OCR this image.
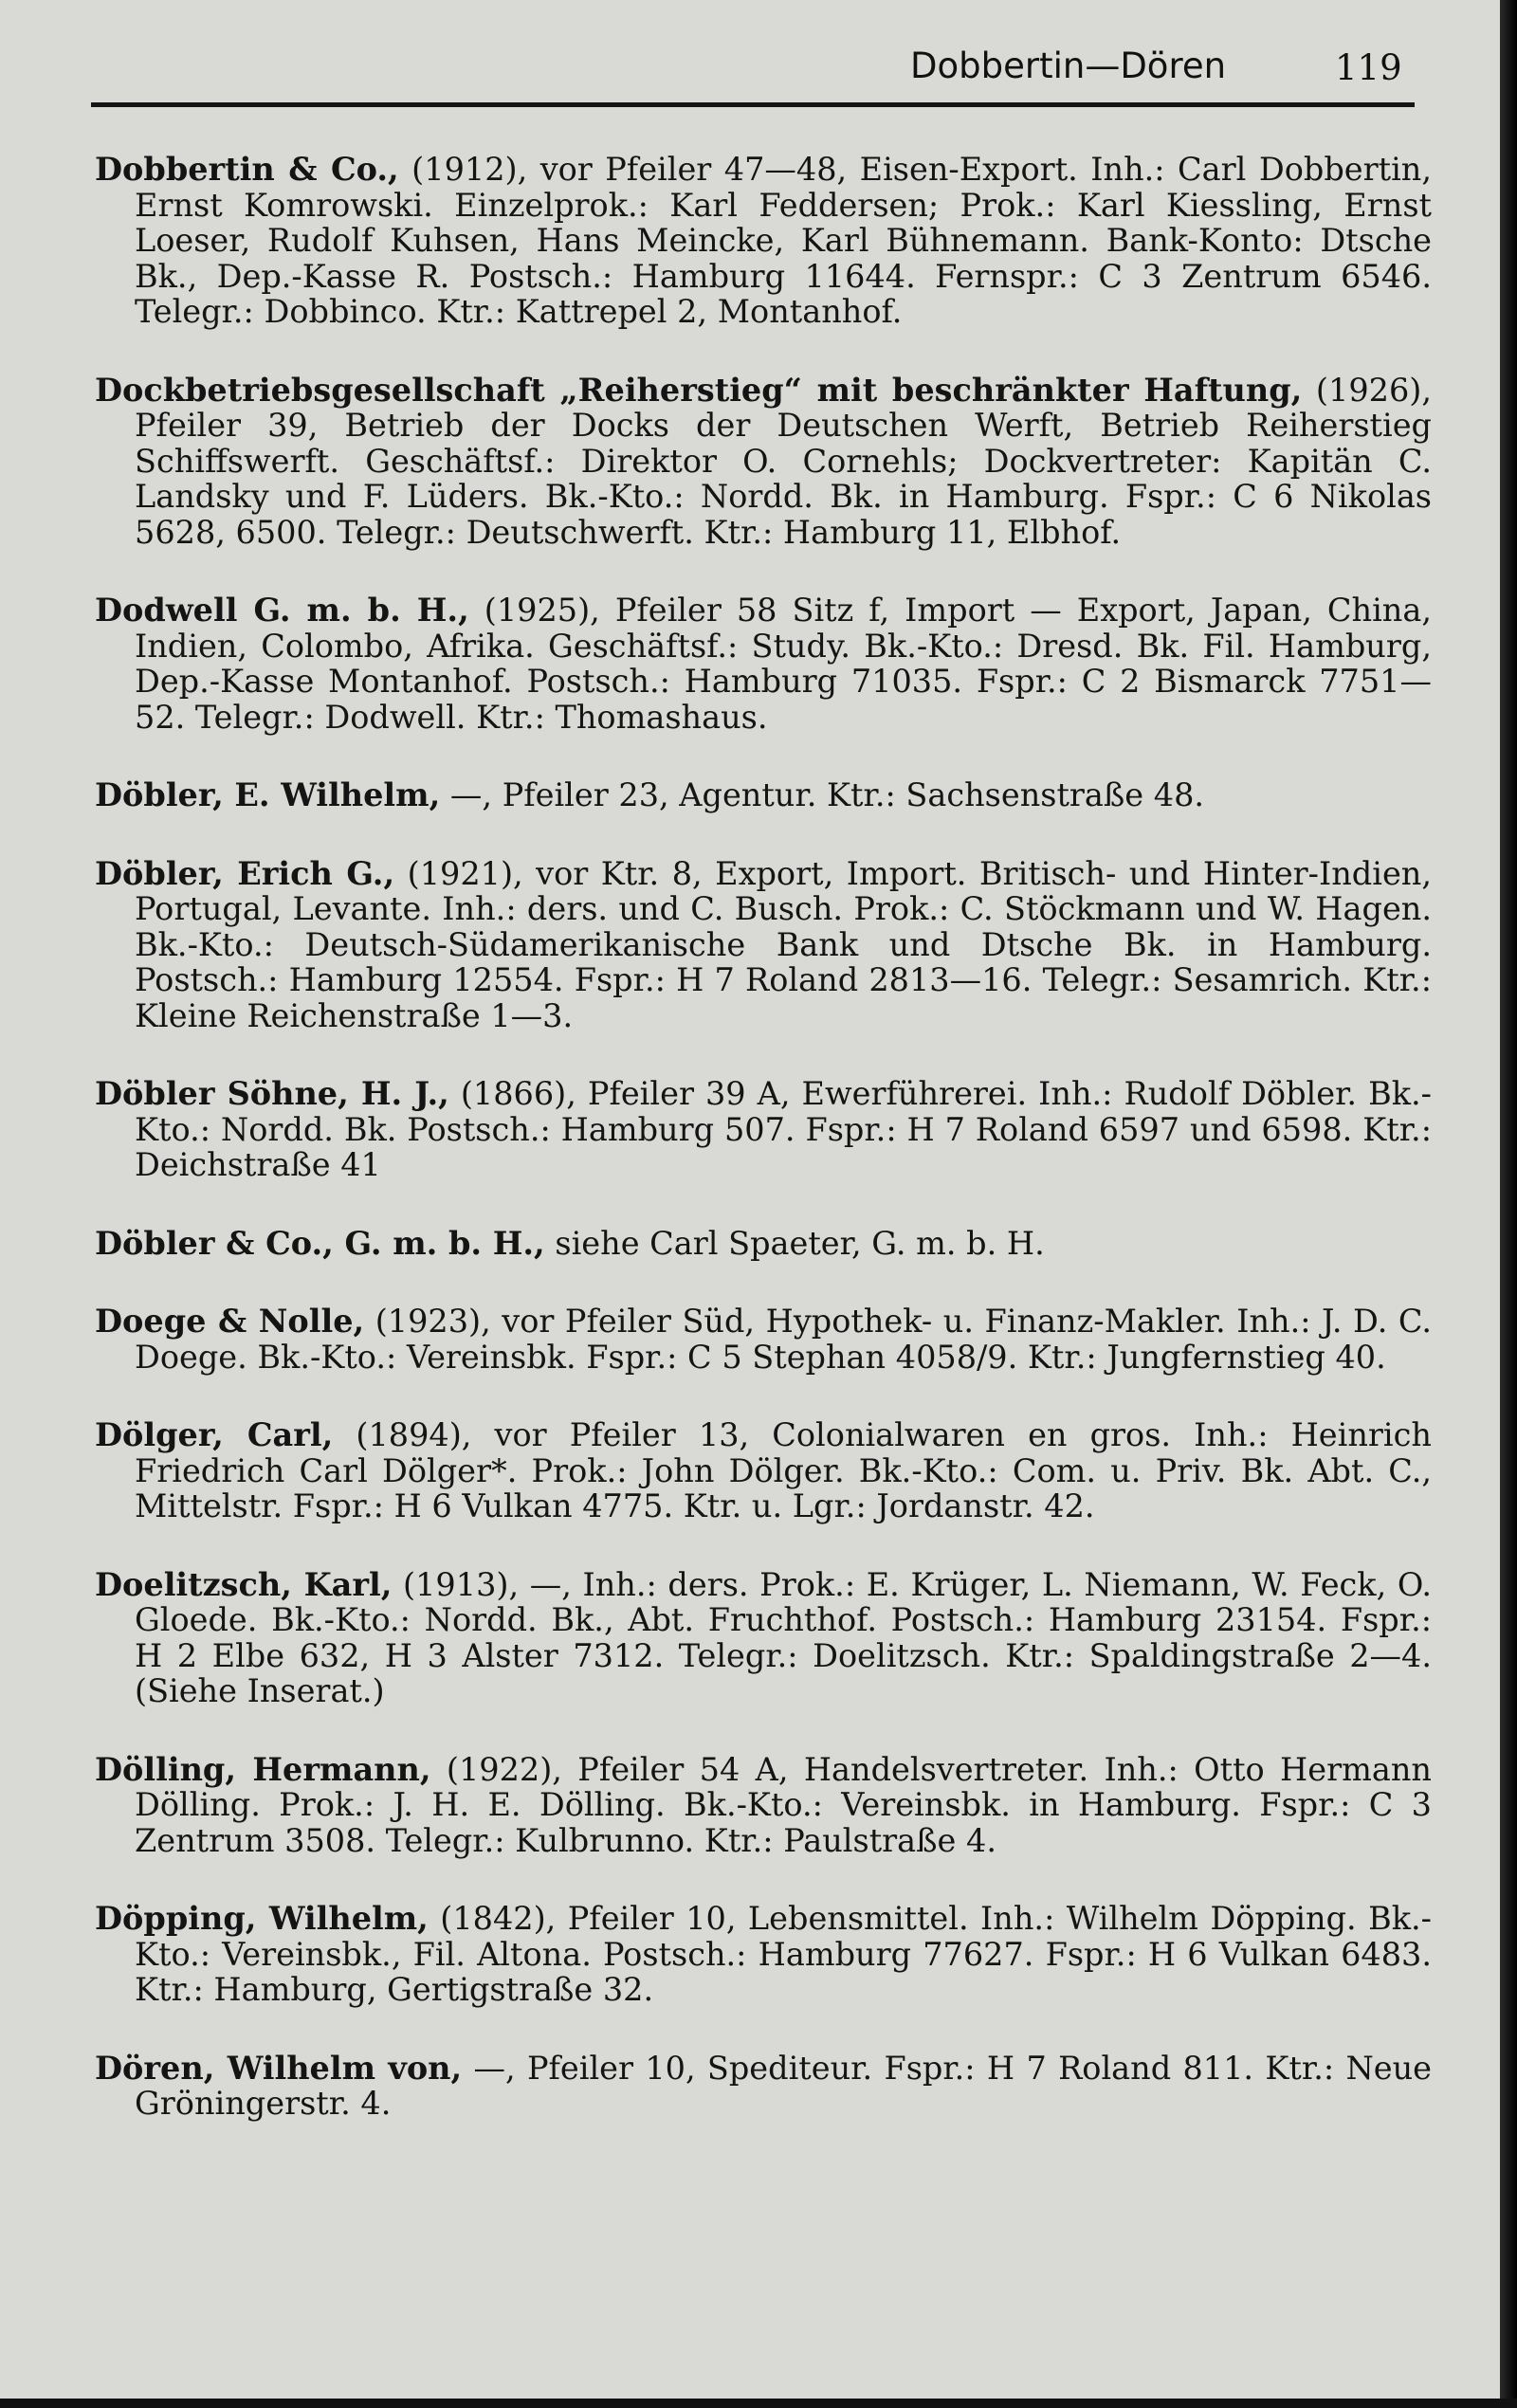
Dobbertin—Dören	119

Dobbertin & Co., (1912), vor Pfeiler 47—48, Eisen-Export. Inh.: Carl Dobbertin, Ernst Komrowski. Einzelprok.: Karl Feddersen; Prok.: Karl Kiessling, Ernst Loeser, Rudolf Kuhsen, Hans Meincke, Karl Bühnemann. Bank-Konto: Dtsche Bk., Dep.-Kasse R. Postsch.: Hamburg 11644. Fernspr.: C 3 Zentrum 6546. Telegr.: Dobbinco. Ktr.: Kattrepel 2, Montanhof.

Dockbetriebsgesellschaft „Reiherstieg“ mit beschränkter Haftung, (1926), Pfeiler 39, Betrieb der Docks der Deutschen Werft, Betrieb Reiherstieg Schiffswerft. Geschäftsf.: Direktor O. Cornehls; Dockvertreter: Kapitän C. Landsky und F. Lüders. Bk.-Kto.: Nordd. Bk. in Hamburg. Fspr.: C 6 Nikolas 5628, 6500. Telegr.: Deutschwerft. Ktr.: Hamburg 11, Elbhof.

Dodwell G. m. b. H., (1925), Pfeiler 58 Sitz f, Import — Export, Japan, China, Indien, Colombo, Afrika. Geschäftsf.: Study. Bk.-Kto.: Dresd. Bk. Fil. Hamburg, Dep.-Kasse Montanhof. Postsch.: Hamburg 71035. Fspr.: C 2 Bismarck 7751—52. Telegr.: Dodwell. Ktr.: Thomashaus.

Döbler, E. Wilhelm, —, Pfeiler 23, Agentur. Ktr.: Sachsenstraße 48.

Döbler, Erich G., (1921), vor Ktr. 8, Export, Import. Britisch- und Hinter-Indien, Portugal, Levante. Inh.: ders. und C. Busch. Prok.: C. Stöckmann und W. Hagen. Bk.-Kto.: Deutsch-Südamerikanische Bank und Dtsche Bk. in Hamburg. Postsch.: Hamburg 12554. Fspr.: H 7 Roland 2813—16. Telegr.: Sesamrich. Ktr.: Kleine Reichenstraße 1—3.

Döbler Söhne, H. J., (1866), Pfeiler 39 A, Ewerführerei. Inh.: Rudolf Döbler. Bk.-Kto.: Nordd. Bk. Postsch.: Hamburg 507. Fspr.: H 7 Roland 6597 und 6598. Ktr.: Deichstraße 41

Döbler & Co., G. m. b. H., siehe Carl Spaeter, G. m. b. H.

Doege & Nolle, (1923), vor Pfeiler Süd, Hypothek- u. Finanz-Makler. Inh.: J. D. C. Doege. Bk.-Kto.: Vereinsbk. Fspr.: C 5 Stephan 4058/9. Ktr.: Jungfernstieg 40.

Dölger, Carl, (1894), vor Pfeiler 13, Colonialwaren en gros. Inh.: Heinrich Friedrich Carl Dölger*. Prok.: John Dölger. Bk.-Kto.: Com. u. Priv. Bk. Abt. C., Mittelstr. Fspr.: H 6 Vulkan 4775. Ktr. u. Lgr.: Jordanstr. 42.

Doelitzsch, Karl, (1913), —, Inh.: ders. Prok.: E. Krüger, L. Niemann, W. Feck, O. Gloede. Bk.-Kto.: Nordd. Bk., Abt. Fruchthof. Postsch.: Hamburg 23154. Fspr.: H 2 Elbe 632, H 3 Alster 7312. Telegr.: Doelitzsch. Ktr.: Spaldingstraße 2—4. (Siehe Inserat.)

Dölling, Hermann, (1922), Pfeiler 54 A, Handelsvertreter. Inh.: Otto Hermann Dölling. Prok.: J. H. E. Dölling. Bk.-Kto.: Vereinsbk. in Hamburg. Fspr.: C 3 Zentrum 3508. Telegr.: Kulbrunno. Ktr.: Paulstraße 4.

Döpping, Wilhelm, (1842), Pfeiler 10, Lebensmittel. Inh.: Wilhelm Döpping. Bk.-Kto.: Vereinsbk., Fil. Altona. Postsch.: Hamburg 77627. Fspr.: H 6 Vulkan 6483. Ktr.: Hamburg, Gertigstraße 32.

Dören, Wilhelm von, —, Pfeiler 10, Spediteur. Fspr.: H 7 Roland 811. Ktr.: Neue Gröningerstr. 4.
